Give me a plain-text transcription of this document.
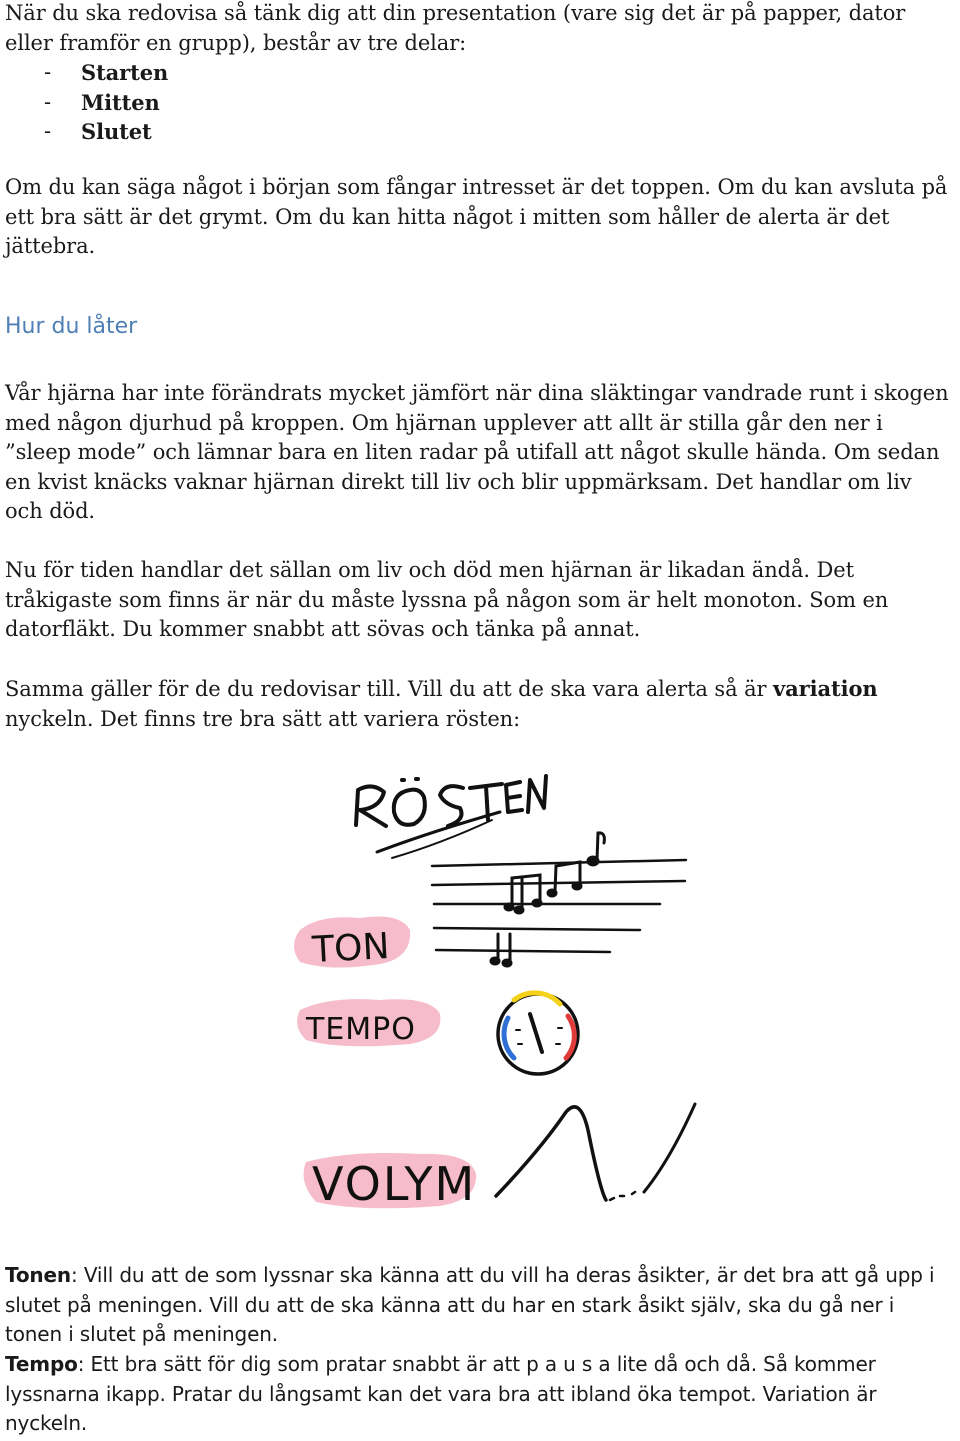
När du ska redovisa så tänk dig att din presentation (vare sig det är på papper, dator eller framför en grupp), består av tre delar:

- Starten
- Mitten
- Slutet

Om du kan säga något i början som fångar intresset är det toppen. Om du kan avsluta på ett bra sätt är det grymt. Om du kan hitta något i mitten som håller de alerta är det jättebra.

Hur du låter

Vår hjärna har inte förändrats mycket jämfört när dina släktingar vandrade runt i skogen med någon djurhud på kroppen. Om hjärnan upplever att allt är stilla går den ner i ”sleep mode” och lämnar bara en liten radar på utifall att något skulle hända. Om sedan en kvist knäcks vaknar hjärnan direkt till liv och blir uppmärksam. Det handlar om liv och död.

Nu för tiden handlar det sällan om liv och död men hjärnan är likadan ändå. Det tråkigaste som finns är när du måste lyssna på någon som är helt monoton. Som en datorfläkt. Du kommer snabbt att sövas och tänka på annat.

Samma gäller för de du redovisar till. Vill du att de ska vara alerta så är variation nyckeln. Det finns tre bra sätt att variera rösten:

TON
TEMPO
VOLYM

Tonen: Vill du att de som lyssnar ska känna att du vill ha deras åsikter, är det bra att gå upp i slutet på meningen. Vill du att de ska känna att du har en stark åsikt själv, ska du gå ner i tonen i slutet på meningen.

Tempo: Ett bra sätt för dig som pratar snabbt är att p a u s a lite då och då. Så kommer lyssnarna ikapp. Pratar du långsamt kan det vara bra att ibland öka tempot. Variation är nyckeln.
